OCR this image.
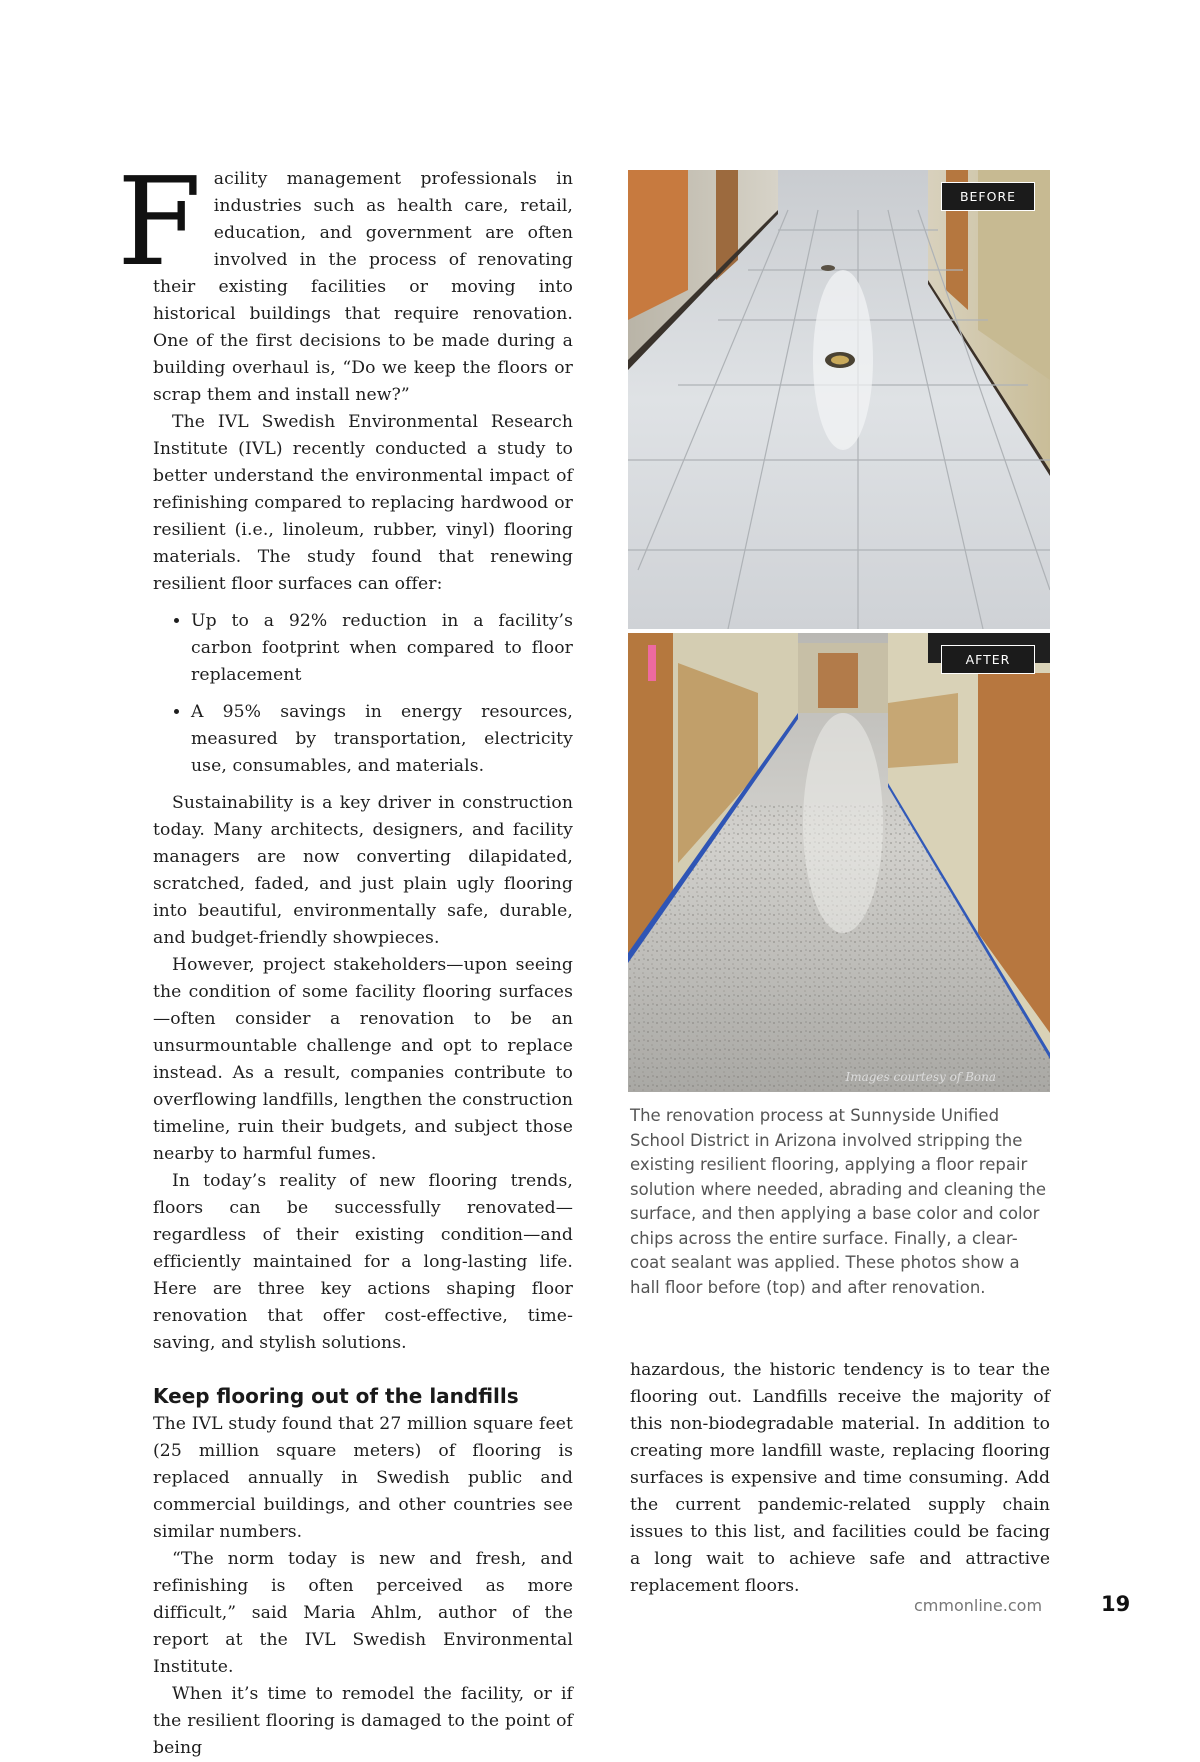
Facility management professionals in industries such as health care, retail, education, and government are often involved in the process of renovating their existing facilities or moving into historical buildings that require renovation. One of the first decisions to be made during a building overhaul is, “Do we keep the floors or scrap them and install new?”

The IVL Swedish Environmental Research Institute (IVL) recently conducted a study to better understand the environmental impact of refinishing compared to replacing hardwood or resilient (i.e., linoleum, rubber, vinyl) flooring materials. The study found that renewing resilient floor surfaces can offer:

• Up to a 92% reduction in a facility’s carbon footprint when compared to floor replacement
• A 95% savings in energy resources, measured by transportation, electricity use, consumables, and materials.

Sustainability is a key driver in construction today. Many architects, designers, and facility managers are now converting dilapidated, scratched, faded, and just plain ugly flooring into beautiful, environmentally safe, durable, and budget-friendly showpieces.

However, project stakeholders—upon seeing the condition of some facility flooring surfaces—often consider a renovation to be an unsurmountable challenge and opt to replace instead. As a result, companies contribute to overflowing landfills, lengthen the construction timeline, ruin their budgets, and subject those nearby to harmful fumes.

In today’s reality of new flooring trends, floors can be successfully renovated—regardless of their existing condition—and efficiently maintained for a long-lasting life. Here are three key actions shaping floor renovation that offer cost-effective, time-saving, and stylish solutions.

Keep flooring out of the landfills

The IVL study found that 27 million square feet (25 million square meters) of flooring is replaced annually in Swedish public and commercial buildings, and other countries see similar numbers.

“The norm today is new and fresh, and refinishing is often perceived as more difficult,” said Maria Ahlm, author of the report at the IVL Swedish Environmental Institute.

When it’s time to remodel the facility, or if the resilient flooring is damaged to the point of being

BEFORE
AFTER
Images courtesy of Bona
The renovation process at Sunnyside Unified School District in Arizona involved stripping the existing resilient flooring, applying a floor repair solution where needed, abrading and cleaning the surface, and then applying a base color and color chips across the entire surface. Finally, a clear-coat sealant was applied. These photos show a hall floor before (top) and after renovation.

hazardous, the historic tendency is to tear the flooring out. Landfills receive the majority of this non-biodegradable material. In addition to creating more landfill waste, replacing flooring surfaces is expensive and time consuming. Add the current pandemic-related supply chain issues to this list, and facilities could be facing a long wait to achieve safe and attractive replacement floors.

cmmonline.com	19
